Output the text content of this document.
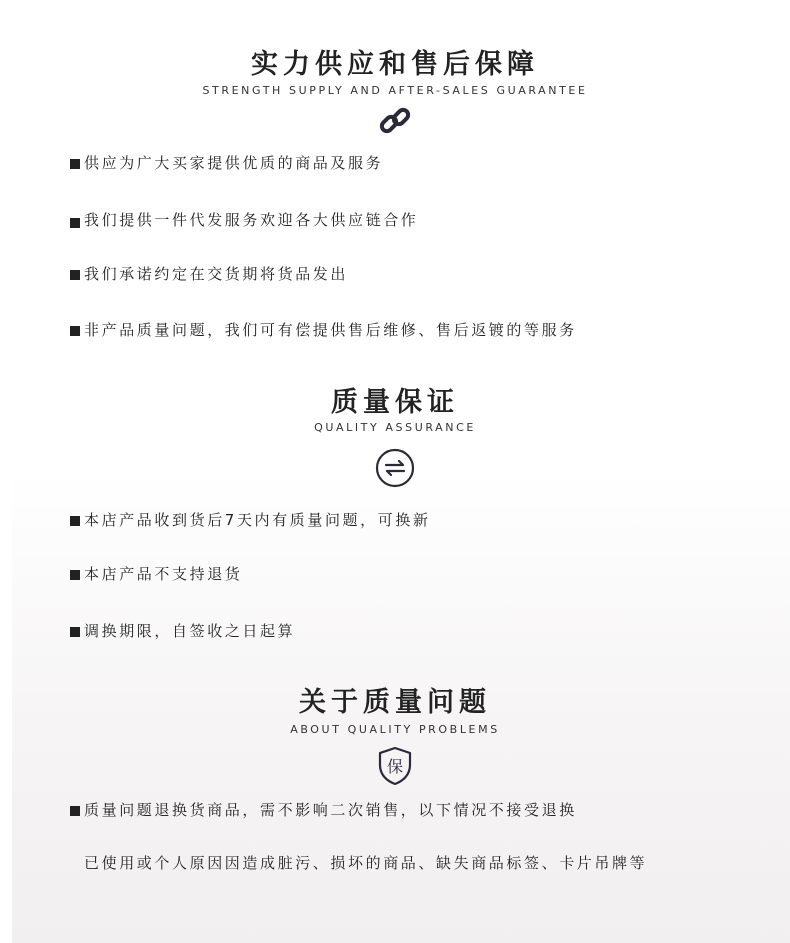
实力供应和售后保障
STRENGTH SUPPLY AND AFTER-SALES GUARANTEE
供应为广大买家提供优质的商品及服务
我们提供一件代发服务欢迎各大供应链合作
我们承诺约定在交货期将货品发出
非产品质量问题，我们可有偿提供售后维修、售后返镀的等服务
质量保证
QUALITY ASSURANCE
本店产品收到货后7天内有质量问题，可换新
本店产品不支持退货
调换期限，自签收之日起算
关于质量问题
ABOUT QUALITY PROBLEMS
保
质量问题退换货商品，需不影响二次销售，以下情况不接受退换
已使用或个人原因因造成脏污、损坏的商品、缺失商品标签、卡片吊牌等
